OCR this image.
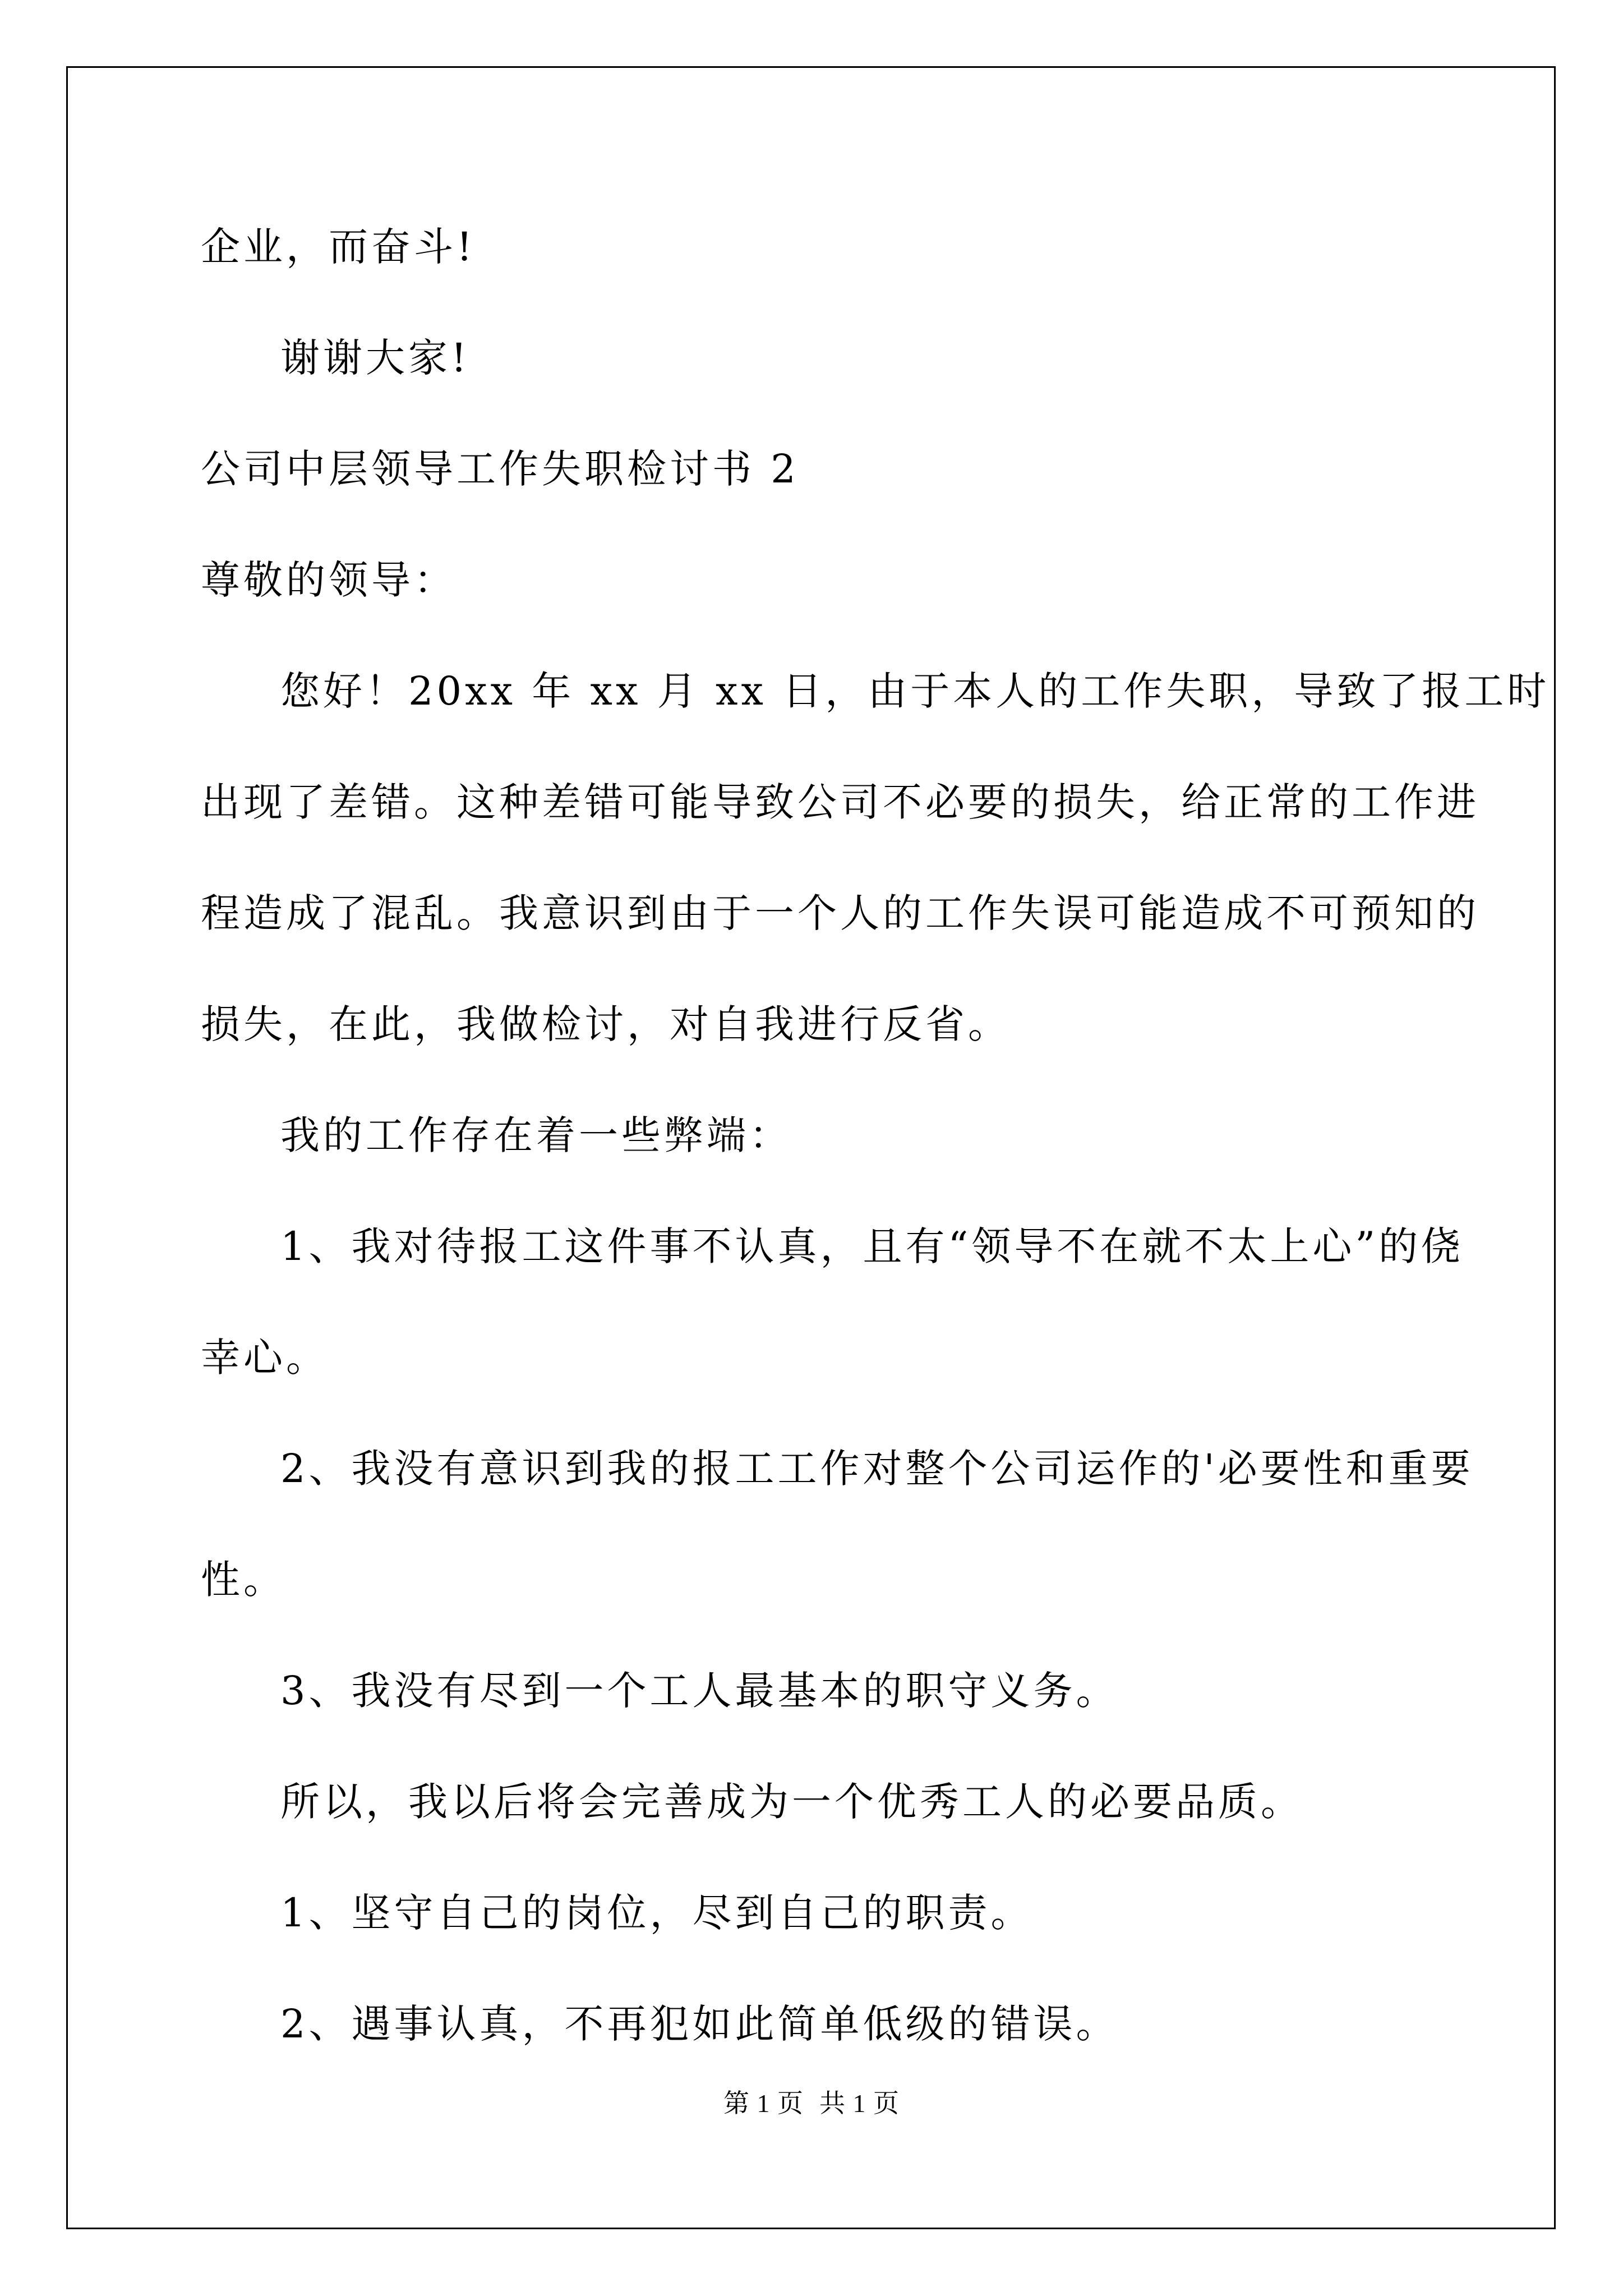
企业，而奋斗!
谢谢大家!
公司中层领导工作失职检讨书 2
尊敬的领导：
您好！20xx 年 xx 月 xx 日，由于本人的工作失职，导致了报工时
出现了差错。这种差错可能导致公司不必要的损失，给正常的工作进
程造成了混乱。我意识到由于一个人的工作失误可能造成不可预知的
损失，在此，我做检讨，对自我进行反省。
我的工作存在着一些弊端：
1、我对待报工这件事不认真，且有“领导不在就不太上心”的侥
幸心。
2、我没有意识到我的报工工作对整个公司运作的'必要性和重要
性。
3、我没有尽到一个工人最基本的职守义务。
所以，我以后将会完善成为一个优秀工人的必要品质。
1、坚守自己的岗位，尽到自己的职责。
2、遇事认真，不再犯如此简单低级的错误。
第 1 页 共 1 页
